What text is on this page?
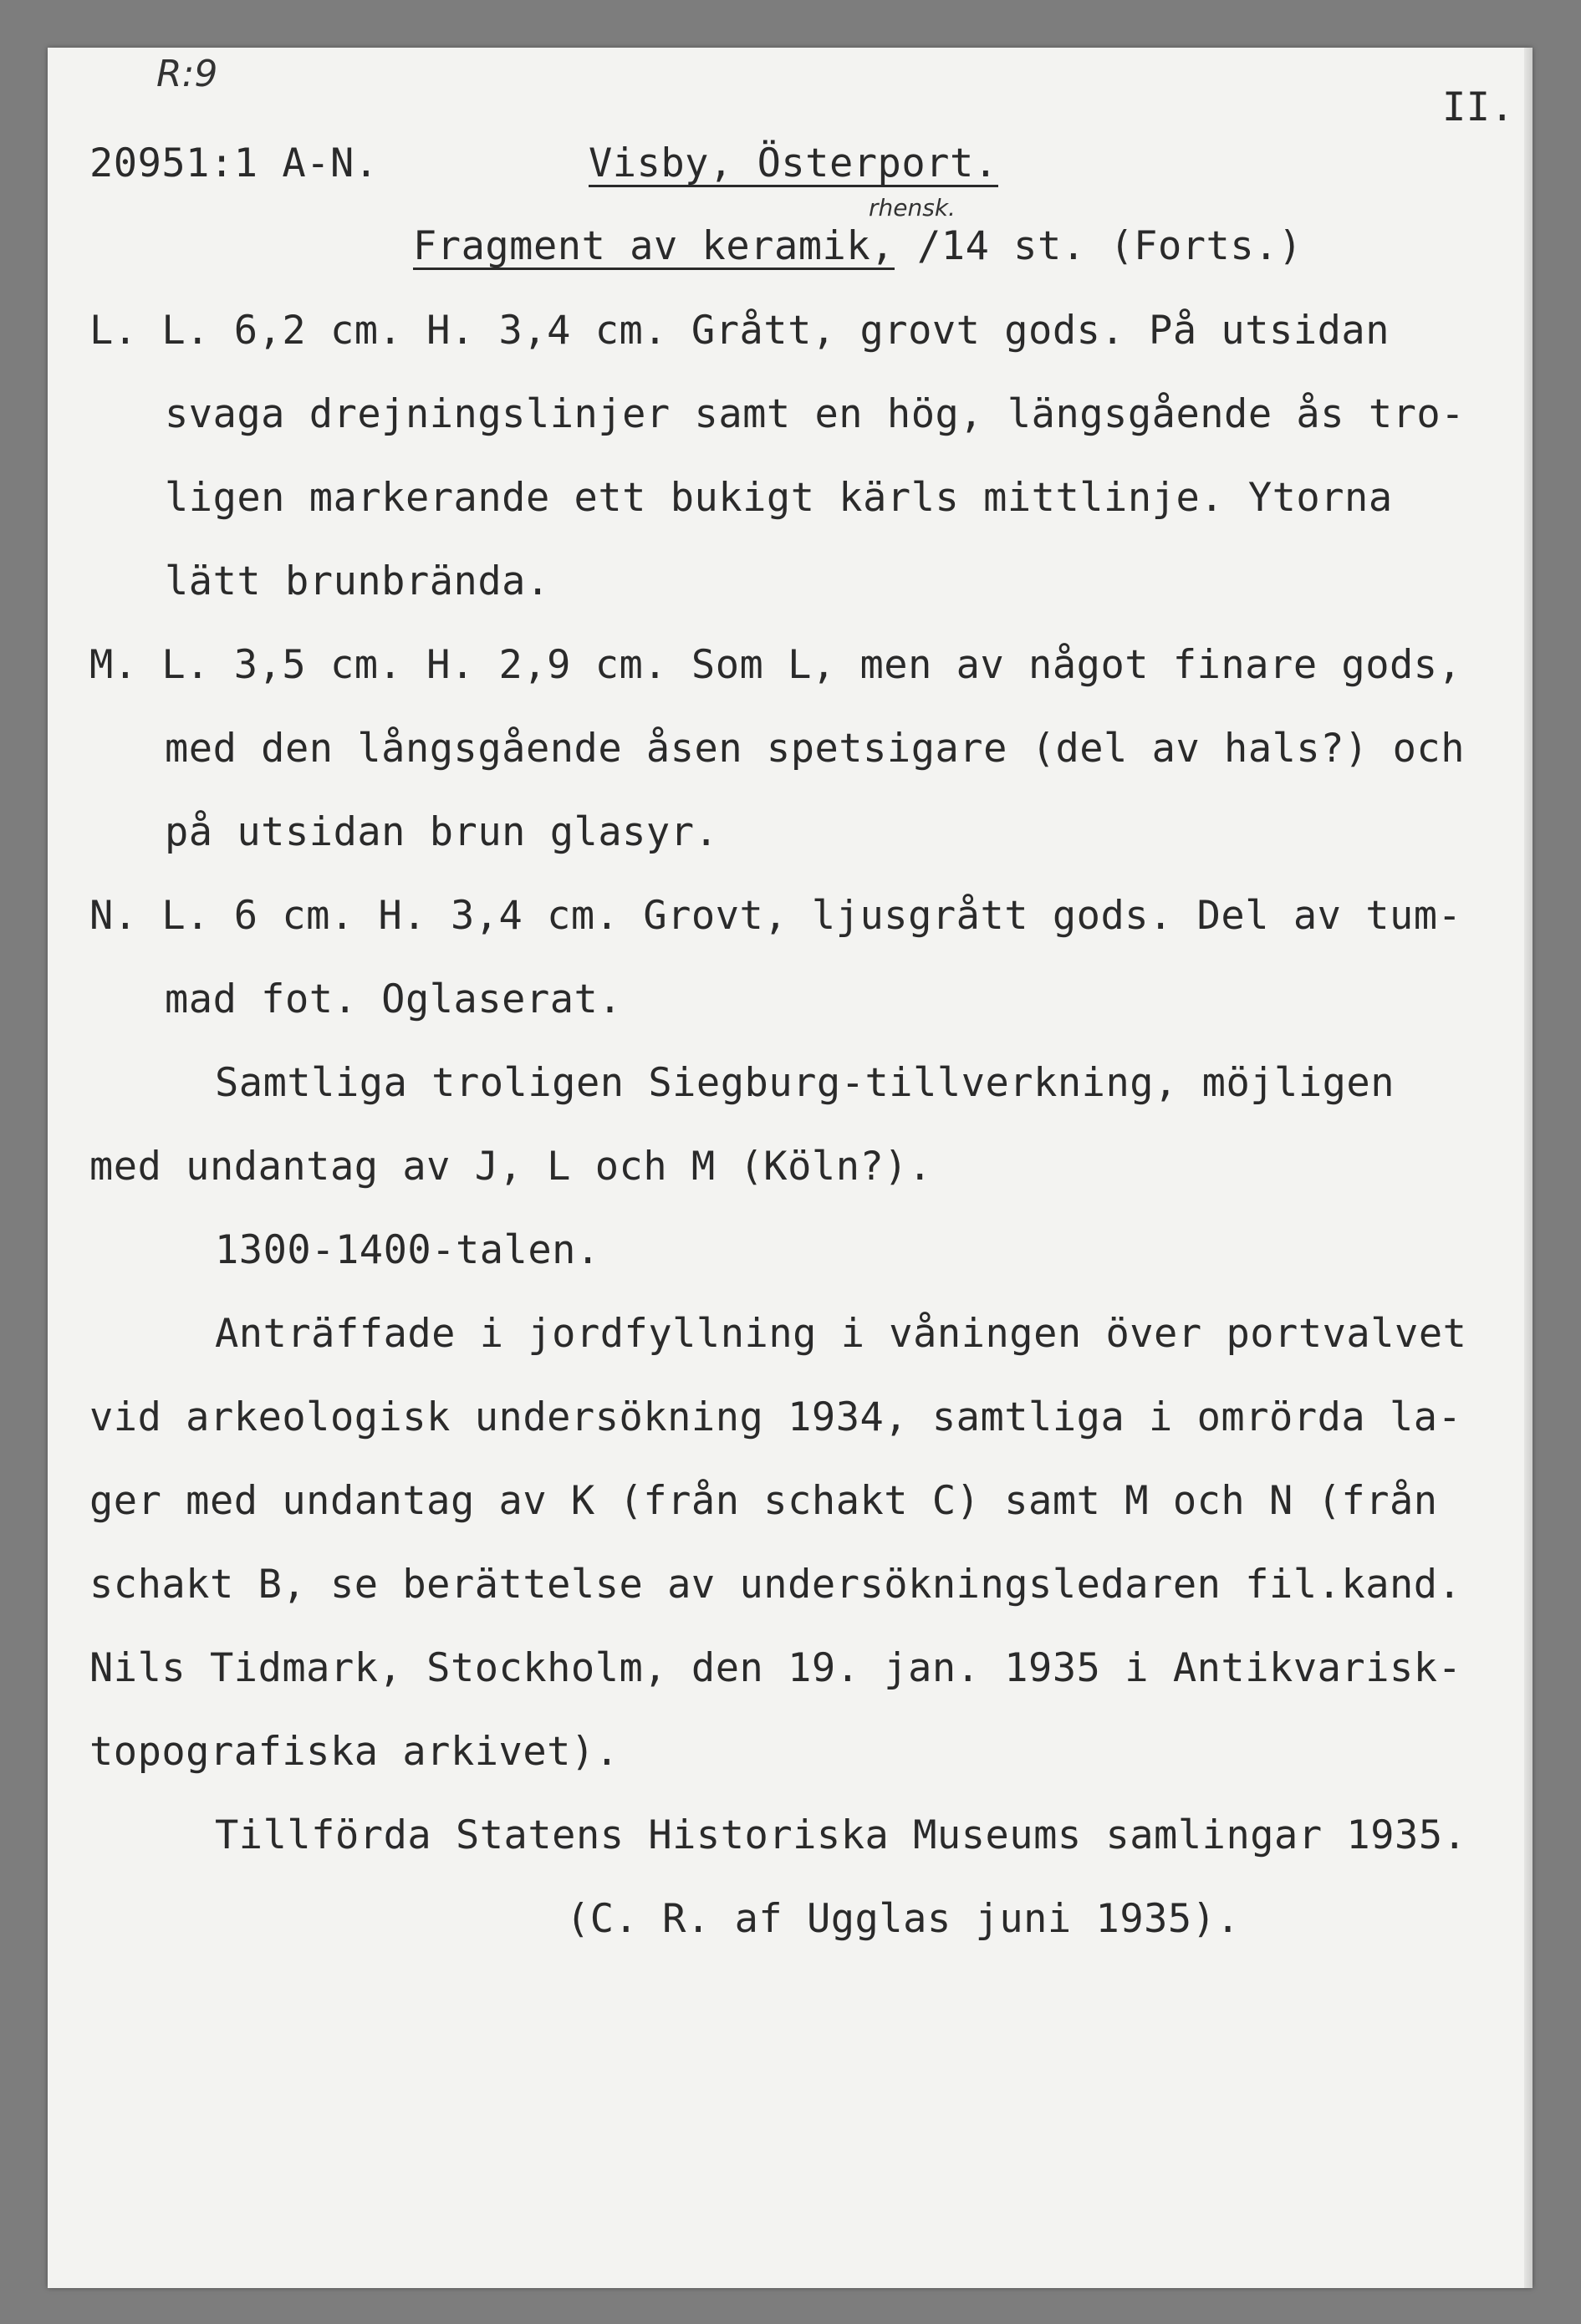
R:9
II.
20951:1 A-N.	Visby, Österport.
rhensk.
Fragment av keramik, /14 st. (Forts.)
L. L. 6,2 cm. H. 3,4 cm. Grått, grovt gods. På utsidan
svaga drejningslinjer samt en hög, längsgående ås tro-
ligen markerande ett bukigt kärls mittlinje. Ytorna
lätt brunbrända.
M. L. 3,5 cm. H. 2,9 cm. Som L, men av något finare gods,
med den långsgående åsen spetsigare (del av hals?) och
på utsidan brun glasyr.
N. L. 6 cm. H. 3,4 cm. Grovt, ljusgrått gods. Del av tum-
mad fot. Oglaserat.
Samtliga troligen Siegburg-tillverkning, möjligen
med undantag av J, L och M (Köln?).
1300-1400-talen.
Anträffade i jordfyllning i våningen över portvalvet
vid arkeologisk undersökning 1934, samtliga i omrörda la-
ger med undantag av K (från schakt C) samt M och N (från
schakt B, se berättelse av undersökningsledaren fil.kand.
Nils Tidmark, Stockholm, den 19. jan. 1935 i Antikvarisk-
topografiska arkivet).
Tillförda Statens Historiska Museums samlingar 1935.
(C. R. af Ugglas juni 1935).
